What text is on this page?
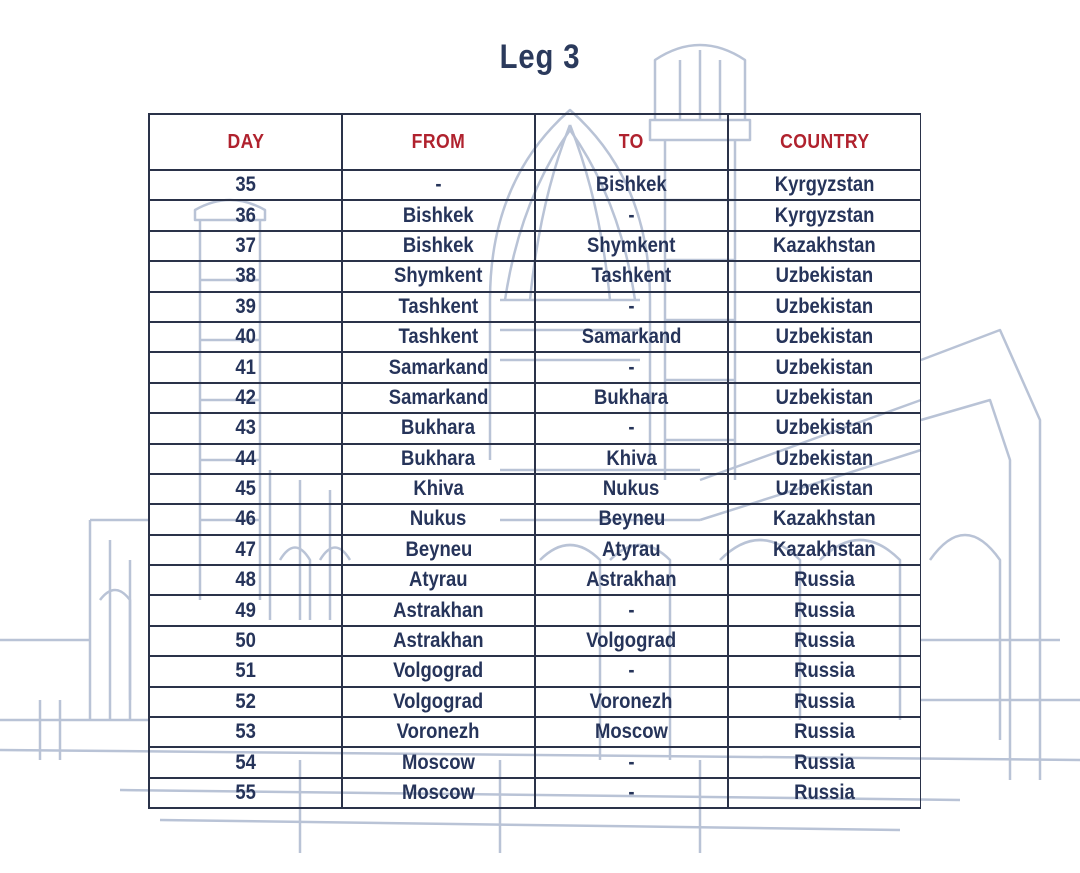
Leg 3
DAY	FROM	TO	COUNTRY
35	-	Bishkek	Kyrgyzstan
36	Bishkek	-	Kyrgyzstan
37	Bishkek	Shymkent	Kazakhstan
38	Shymkent	Tashkent	Uzbekistan
39	Tashkent	-	Uzbekistan
40	Tashkent	Samarkand	Uzbekistan
41	Samarkand	-	Uzbekistan
42	Samarkand	Bukhara	Uzbekistan
43	Bukhara	-	Uzbekistan
44	Bukhara	Khiva	Uzbekistan
45	Khiva	Nukus	Uzbekistan
46	Nukus	Beyneu	Kazakhstan
47	Beyneu	Atyrau	Kazakhstan
48	Atyrau	Astrakhan	Russia
49	Astrakhan	-	Russia
50	Astrakhan	Volgograd	Russia
51	Volgograd	-	Russia
52	Volgograd	Voronezh	Russia
53	Voronezh	Moscow	Russia
54	Moscow	-	Russia
55	Moscow	-	Russia
